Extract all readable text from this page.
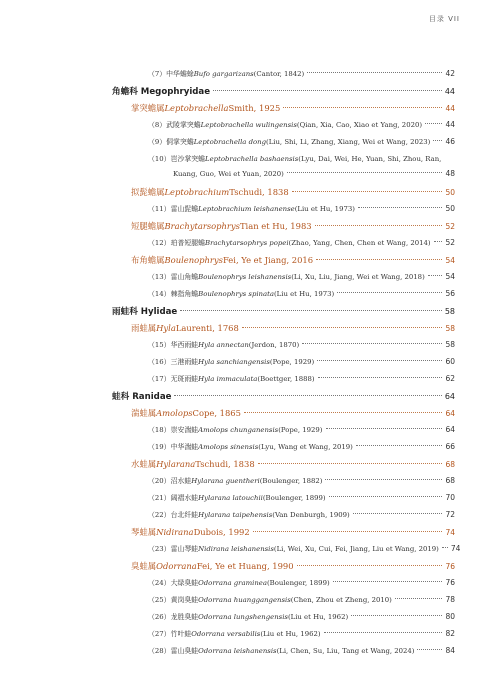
目录 VII
（7） 中华蟾蜍 Bufo gargarizans (Cantor, 1842)	42
角蟾科 Megophryidae	44
掌突蟾属 Leptobrachella Smith, 1925	44
（8） 武陵掌突蟾 Leptobrachella wulingensis (Qian, Xia, Cao, Xiao et Yang, 2020)	44
（9） 侗掌突蟾 Leptobrachella dong (Liu, Shi, Li, Zhang, Xiang, Wei et Wang, 2023) 46
（10） 岜沙掌突蟾 Leptobrachella bashaensis (Lyu, Dai, Wei, He, Yuan, Shi, Zhou, Ran,
Kuang, Guo, Wei et Yuan, 2020)	48
拟髭蟾属 Leptobrachium Tschudi, 1838	50
（11） 雷山髭蟾 Leptobrachium leishanense (Liu et Hu, 1973)	50
短腿蟾属 Brachytarsophrys Tian et Hu, 1983	52
（12） 珀普短腿蟾 Brachytarsophrys popei (Zhao, Yang, Chen, Chen et Wang, 2014) 52
布角蟾属 Boulenophrys Fei, Ye et Jiang, 2016	54
（13） 雷山角蟾 Boulenophrys leishanensis (Li, Xu, Liu, Jiang, Wei et Wang, 2018)	54
（14） 棘指角蟾 Boulenophrys spinata (Liu et Hu, 1973)	56
雨蛙科 Hylidae	58
雨蛙属 Hyla Laurenti, 1768	58
（15） 华西雨蛙 Hyla annectan (Jerdon, 1870)	58
（16） 三港雨蛙 Hyla sanchiangensis (Pope, 1929)	60
（17） 无斑雨蛙 Hyla immaculata (Boettger, 1888)	62
蛙科 Ranidae	64
湍蛙属 Amolops Cope, 1865	64
（18） 崇安湍蛙 Amolops chunganensis (Pope, 1929)	64
（19） 中华湍蛙 Amolops sinensis (Lyu, Wang et Wang, 2019)	66
水蛙属 Hylarana Tschudi, 1838	68
（20） 沼水蛙 Hylarana guentheri (Boulenger, 1882)	68
（21） 阔褶水蛙 Hylarana latouchii (Boulenger, 1899)	70
（22） 台北纤蛙 Hylarana taipehensis (Van Denburgh, 1909)	72
琴蛙属 Nidirana Dubois, 1992	74
（23） 雷山琴蛙 Nidirana leishanensis (Li, Wei, Xu, Cui, Fei, Jiang, Liu et Wang, 2019) 74
臭蛙属 Odorrana Fei, Ye et Huang, 1990	76
（24） 大绿臭蛙 Odorrana graminea (Boulenger, 1899)	76
（25） 黄岗臭蛙 Odorrana huanggangensis (Chen, Zhou et Zheng, 2010)	78
（26） 龙胜臭蛙 Odorrana lungshengensis (Liu et Hu, 1962)	80
（27） 竹叶蛙 Odorrana versabilis (Liu et Hu, 1962)	82
（28） 雷山臭蛙 Odorrana leishanensis (Li, Chen, Su, Liu, Tang et Wang, 2024)	84
